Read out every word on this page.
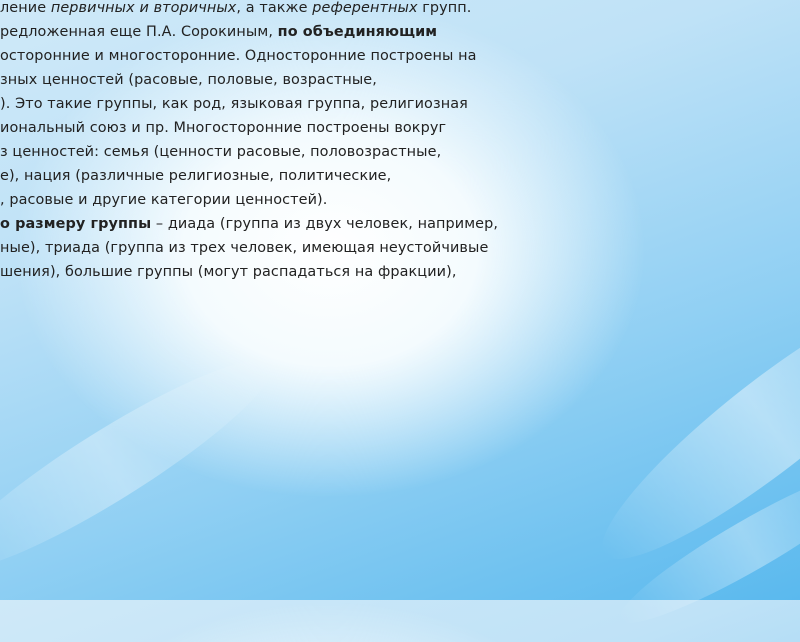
ление первичных и вторичных, а также референтных групп.
редложенная еще П.А. Сорокиным, по объединяющим
осторонние и многосторонние. Односторонние построены на
зных ценностей (расовые, половые, возрастные,
). Это такие группы, как род, языковая группа, религиозная
иональный союз и пр. Многосторонние построены вокруг
з ценностей: семья (ценности расовые, половозрастные,
е), нация (различные религиозные, политические,
, расовые и другие категории ценностей).
о размеру группы – диада (группа из двух человек, например,
ные), триада (группа из трех человек, имеющая неустойчивые
шения), большие группы (могут распадаться на фракции),
